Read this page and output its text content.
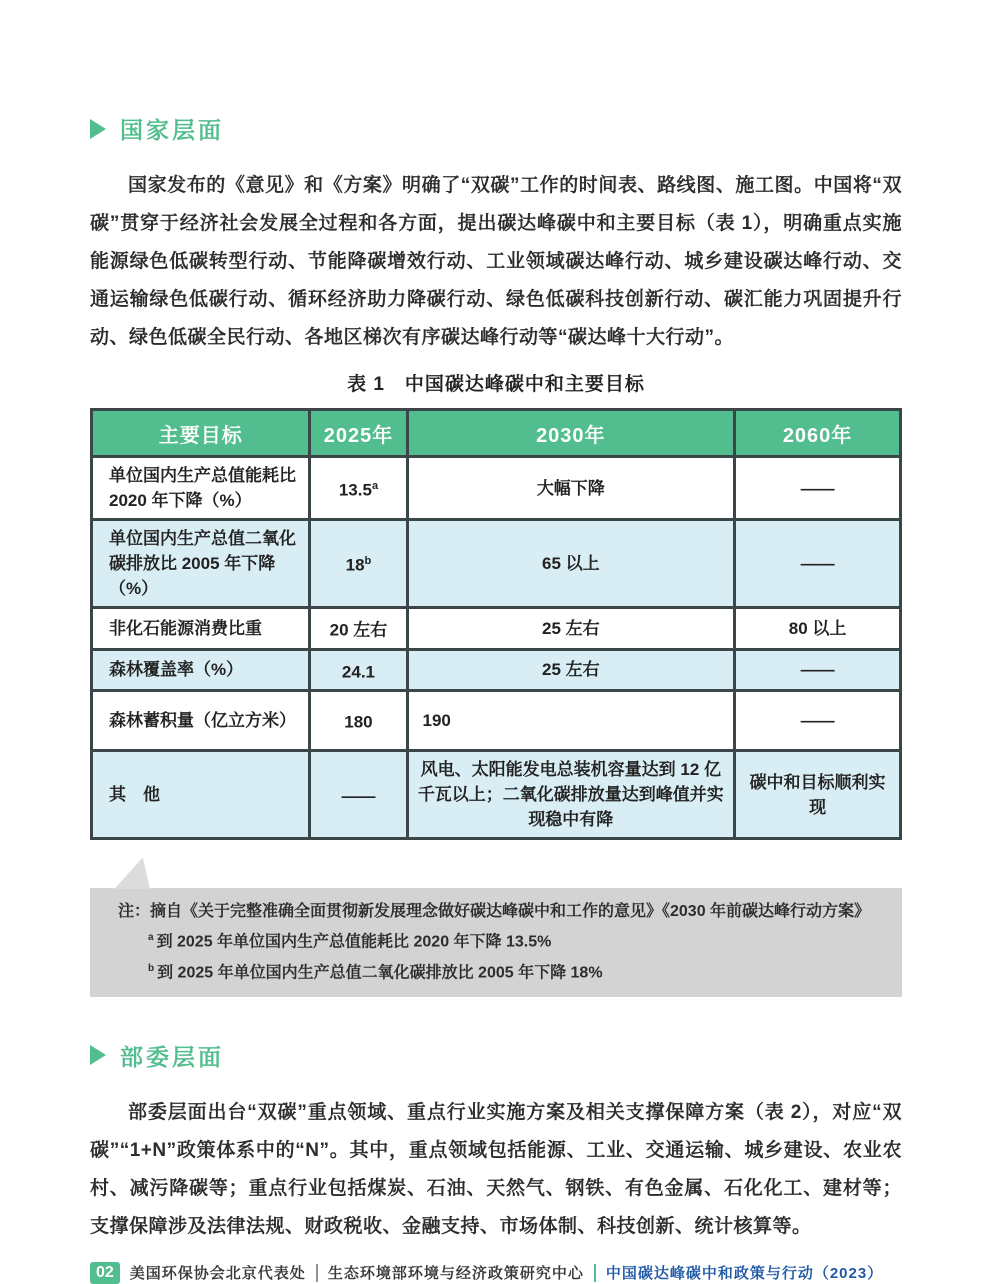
国家层面

国家发布的《意见》和《方案》明确了“双碳”工作的时间表、路线图、施工图。中国将“双碳”贯穿于经济社会发展全过程和各方面，提出碳达峰碳中和主要目标（表 1），明确重点实施能源绿色低碳转型行动、节能降碳增效行动、工业领域碳达峰行动、城乡建设碳达峰行动、交通运输绿色低碳行动、循环经济助力降碳行动、绿色低碳科技创新行动、碳汇能力巩固提升行动、绿色低碳全民行动、各地区梯次有序碳达峰行动等“碳达峰十大行动”。

表 1　中国碳达峰碳中和主要目标
主要目标	2025年	2030年	2060年
单位国内生产总值能耗比 2020 年下降（%）	13.5$^a$	大幅下降	——
单位国内生产总值二氧化碳排放比 2005 年下降（%）	18$^b$	65 以上	——
非化石能源消费比重	20 左右	25 左右	80 以上
森林覆盖率（%）	24.1	25 左右	——
森林蓄积量（亿立方米）	180	190	——
其　他	——	风电、太阳能发电总装机容量达到 12 亿千瓦以上；二氧化碳排放量达到峰值并实现稳中有降	碳中和目标顺利实现
注：摘自《关于完整准确全面贯彻新发展理念做好碳达峰碳中和工作的意见》《2030 年前碳达峰行动方案》
$^a$ 到 2025 年单位国内生产总值能耗比 2020 年下降 13.5%
$^b$ 到 2025 年单位国内生产总值二氧化碳排放比 2005 年下降 18%
部委层面

部委层面出台“双碳”重点领域、重点行业实施方案及相关支撑保障方案（表 2），对应“双碳”“1+N”政策体系中的“N”。其中，重点领域包括能源、工业、交通运输、城乡建设、农业农村、减污降碳等；重点行业包括煤炭、石油、天然气、钢铁、有色金属、石化化工、建材等；支撑保障涉及法律法规、财政税收、金融支持、市场体制、科技创新、统计核算等。

02	美国环保协会北京代表处 生态环境部环境与经济政策研究中心 中国碳达峰碳中和政策与行动（2023）
